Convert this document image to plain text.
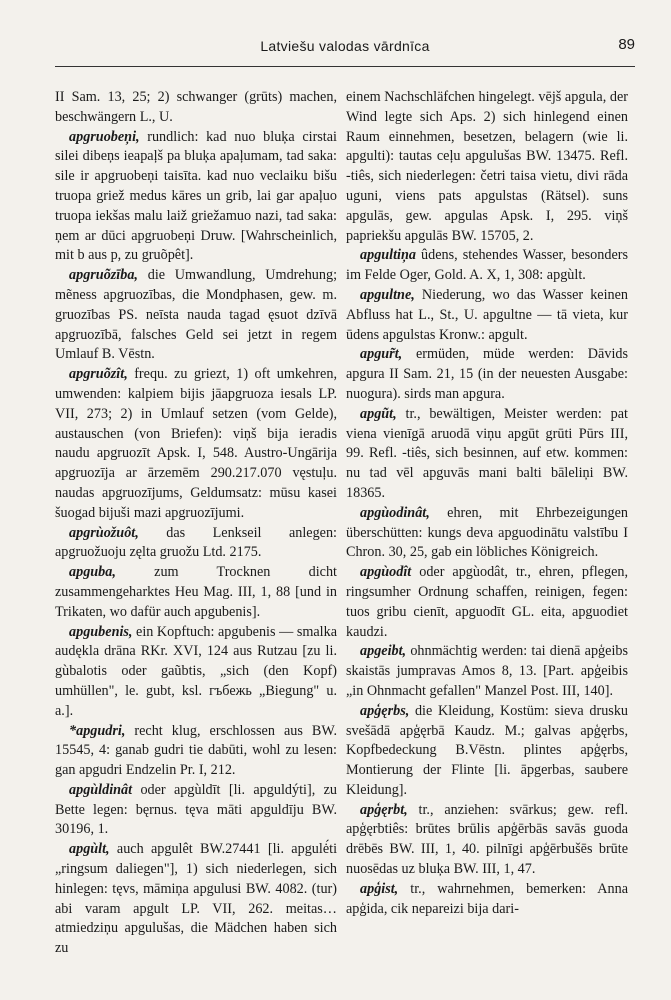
Latviešu valodas vārdnīca	89

II Sam. 13, 25; 2) schwanger (grūts) machen, beschwängern L., U.

apgruobeņi, rundlich: kad nuo bluķa cirstai silei dibeņs ieapaļš pa bluķa apaļumam, tad saka: sile ir apgruobeņi taisīta. kad nuo veclaiku bišu truopa griež medus kāres un grib, lai gar apaļuo truopa iekšas malu laiž griežamuo nazi, tad saka: ņem ar dūci apgruobeņi Druw. [Wahrscheinlich, mit b aus p, zu gruõpêt].

apgruõzība, die Umwandlung, Umdrehung; mẽness apgruozības, die Mondphasen, gew. m. gruozības PS. neīsta nauda tagad ęsuot dzīvā apgruozībā, falsches Geld sei jetzt in regem Umlauf B. Vēstn.

apgruõzît, frequ. zu griezt, 1) oft umkehren, umwenden: kalpiem bijis jāapgruoza iesals LP. VII, 273; 2) in Umlauf setzen (vom Gelde), austauschen (von Briefen): viņš bija ieradis naudu apgruozīt Apsk. I, 548. Austro-Ungārija apgruozīja ar ārzemēm 290.217.070 vęstuļu. naudas apgruozījums, Geldumsatz: mūsu kasei šuogad bijuši mazi apgruozījumi.

apgrùožuôt, das Lenkseil anlegen: apgruožuoju zęlta gruožu Ltd. 2175.

apguba,	zum Trocknen dicht zusammengeharktes Heu Mag. III, 1, 88 [und in Trikaten, wo dafür auch apgubenis].

apgubenis, ein Kopftuch: apgubenis — smalka audęklа drāna RKr. XVI, 124 aus Rutzau [zu li. gùbalotis oder gaũbtis, „sich (den Kopf) umhüllen", le. gubt, ksl. гъбежь „Biegung" u. a.].

*apgudri, recht klug, erschlossen aus BW. 15545, 4: ganab gudri tie dabūti, wohl zu lesen: gan apgudri Endzelin Pr. I, 212.

apgùldinât oder apgùldīt [li. apguldýti], zu Bette legen: bęrnus. tęva māti apguldīju BW. 30196, 1.

apgùlt, auch apgulêt BW.27441 [li. apgulė́ti „ringsum daliegen"], 1) sich niederlegen, sich hinlegen: tęvs, māmiņa apgulusi BW. 4082. (tur) abi varam apgult LP. VII, 262. meitas… atmiedziņu apgulušas, die Mädchen haben sich zu

einem Nachschläfchen hingelegt. vējš apgula, der Wind legte sich Aps. 2) sich hinlegend einen Raum einnehmen, besetzen, belagern (wie li. apgulti): tautas ceļu apgulušas BW. 13475. Refl. -tiês, sich niederlegen: četri taisa vietu, divi rāda uguni, viens pats apgulstas (Rätsel). suns apgulās, gew. apgulas Apsk. I, 295. viņš papriekšu apgulās BW. 15705, 2.

apgultiņa ûdens, stehendes Wasser, besonders im Felde Oger, Gold. A. X, 1, 308: apgùlt.

apgultne, Niederung, wo das Wasser keinen Abfluss hat L., St., U. apgultne — tā vieta, kur ūdens apgulstas Kronw.: apgult.

apgur̃t, ermüden, müde werden: Dāvids apgura II Sam. 21, 15 (in der neuesten Ausgabe: nuogura). sirds man apgura.

apgũt, tr., bewältigen, Meister werden: pat vienа vienīgā aruodā viņu apgūt grūti Pūrs III, 99. Refl. -tiês, sich besinnen, auf etw. kommen: nu tad vēl apguvās mani balti bāleliņi BW. 18365.

apgùodinât, ehren, mit Ehrbezeigungen überschütten: kungs deva apguodinātu valstību I Chron. 30, 25, gab ein löbliches Königreich.

apgùodît oder apgùodât, tr., ehren, pflegen, ringsumher Ordnung schaffen, reinigen, fegen: tuos gribu cienīt, apguodīt GL. eita, apguodiet kaudzi.

apgeibt, ohnmächtig werden: tai dienā apģeibs skaistās jumpravas Amos 8, 13. [Part. apģeibis „in Ohnmacht gefallen" Manzel Post. III, 140].

apģęrbs, die Kleidung, Kostüm: sieva drusku svešādā apģęrbā Kaudz. M.; galvas apģęrbs, Kopfbedeckung B.Vēstn. plintes apģęrbs, Montierung der Flinte [li. āpgerbas, saubere Kleidung].

apģęrbt, tr., anziehen: svārkus; gew. refl. apģęrbtiês: brūtes brūlis apģērbās savās guoda drēbēs BW. III, 1, 40. pilnīgi apģērbušēs brūte nuosēdas uz bluķa BW. III, 1, 47.

apģist, tr., wahrnehmen, bemerken: Anna apģida, cik nepareizi bija dari-
